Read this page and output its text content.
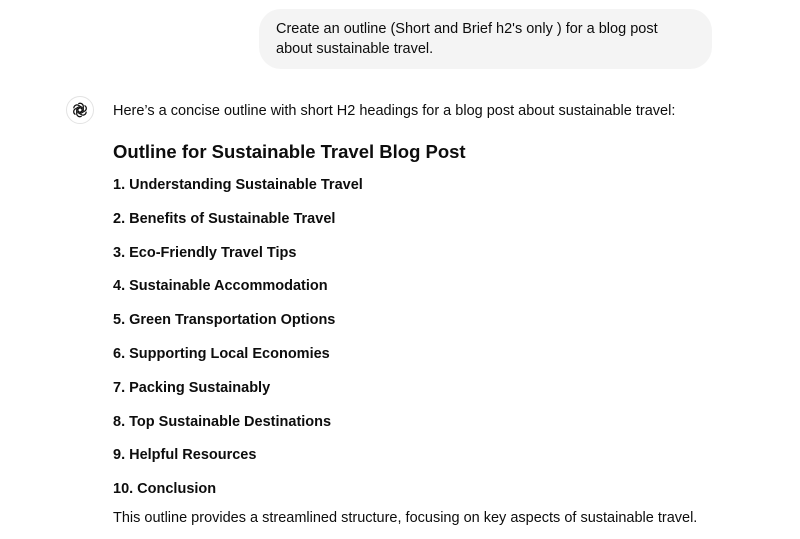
Create an outline (Short and Brief h2's only ) for a blog post about sustainable travel.

Here’s a concise outline with short H2 headings for a blog post about sustainable travel:

Outline for Sustainable Travel Blog Post
1. Understanding Sustainable Travel
2. Benefits of Sustainable Travel
3. Eco-Friendly Travel Tips
4. Sustainable Accommodation
5. Green Transportation Options
6. Supporting Local Economies
7. Packing Sustainably
8. Top Sustainable Destinations
9. Helpful Resources
10. Conclusion

This outline provides a streamlined structure, focusing on key aspects of sustainable travel.
